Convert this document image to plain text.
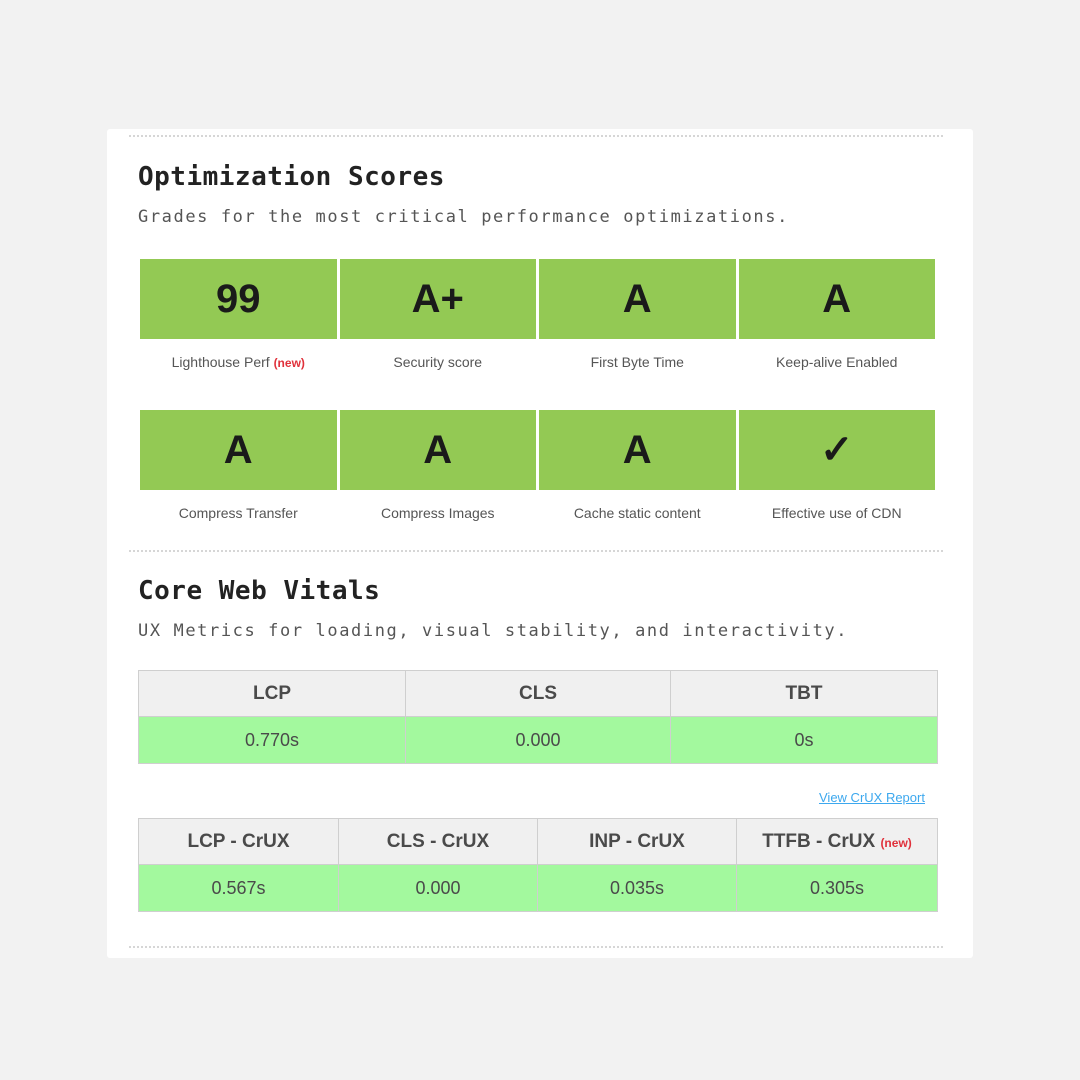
Optimization Scores

Grades for the most critical performance optimizations.

99
Lighthouse Perf (new)
A+
Security score
A
First Byte Time
A
Keep-alive Enabled
A
Compress Transfer
A
Compress Images
A
Cache static content
✓
Effective use of CDN
Core Web Vitals

UX Metrics for loading, visual stability, and interactivity.

LCP	CLS	TBT
0.770s	0.000	0s
View CrUX Report
LCP - CrUX	CLS - CrUX	INP - CrUX	TTFB - CrUX (new)
0.567s	0.000	0.035s	0.305s
